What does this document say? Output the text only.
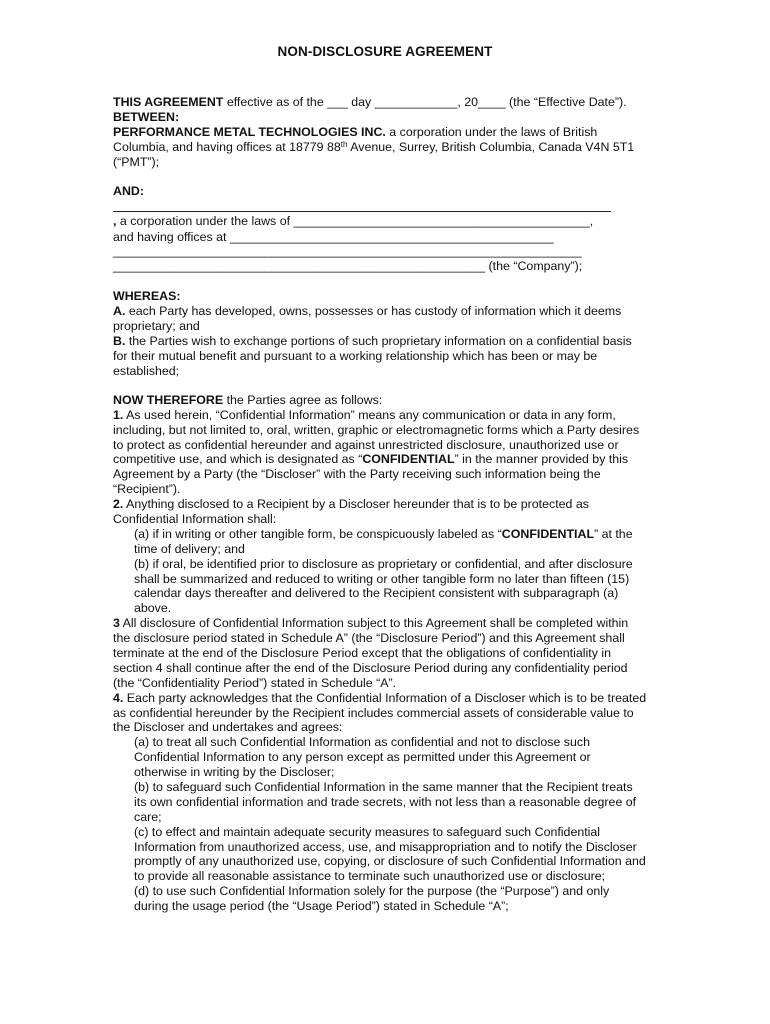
NON-DISCLOSURE AGREEMENT
THIS AGREEMENT effective as of the ___ day ____________, 20____ (the “Effective Date”).
BETWEEN:
PERFORMANCE METAL TECHNOLOGIES INC. a corporation under the laws of British
Columbia, and having offices at 18779 88th Avenue, Surrey, British Columbia, Canada V4N 5T1
(“PMT”);
AND:
, a corporation under the laws of ___________________________________________,
and having offices at _______________________________________________
____________________________________________________________________
______________________________________________________ (the “Company”);
WHEREAS:
A. each Party has developed, owns, possesses or has custody of information which it deems
proprietary; and
B. the Parties wish to exchange portions of such proprietary information on a confidential basis
for their mutual benefit and pursuant to a working relationship which has been or may be
established;
NOW THEREFORE the Parties agree as follows:
1. As used herein, “Confidential Information” means any communication or data in any form,
including, but not limited to, oral, written, graphic or electromagnetic forms which a Party desires
to protect as confidential hereunder and against unrestricted disclosure, unauthorized use or
competitive use, and which is designated as “CONFIDENTIAL” in the manner provided by this
Agreement by a Party (the “Discloser” with the Party receiving such information being the
“Recipient”).
2. Anything disclosed to a Recipient by a Discloser hereunder that is to be protected as
Confidential Information shall:
(a) if in writing or other tangible form, be conspicuously labeled as “CONFIDENTIAL” at the
time of delivery; and
(b) if oral, be identified prior to disclosure as proprietary or confidential, and after disclosure
shall be summarized and reduced to writing or other tangible form no later than fifteen (15)
calendar days thereafter and delivered to the Recipient consistent with subparagraph (a)
above.
3 All disclosure of Confidential Information subject to this Agreement shall be completed within
the disclosure period stated in Schedule A” (the “Disclosure Period”) and this Agreement shall
terminate at the end of the Disclosure Period except that the obligations of confidentiality in
section 4 shall continue after the end of the Disclosure Period during any confidentiality period
(the “Confidentiality Period”) stated in Schedule “A”.
4. Each party acknowledges that the Confidential Information of a Discloser which is to be treated
as confidential hereunder by the Recipient includes commercial assets of considerable value to
the Discloser and undertakes and agrees:
(a) to treat all such Confidential Information as confidential and not to disclose such
Confidential Information to any person except as permitted under this Agreement or
otherwise in writing by the Discloser;
(b) to safeguard such Confidential Information in the same manner that the Recipient treats
its own confidential information and trade secrets, with not less than a reasonable degree of
care;
(c) to effect and maintain adequate security measures to safeguard such Confidential
Information from unauthorized access, use, and misappropriation and to notify the Discloser
promptly of any unauthorized use, copying, or disclosure of such Confidential Information and
to provide all reasonable assistance to terminate such unauthorized use or disclosure;
(d) to use such Confidential Information solely for the purpose (the “Purpose”) and only
during the usage period (the “Usage Period”) stated in Schedule “A”;
